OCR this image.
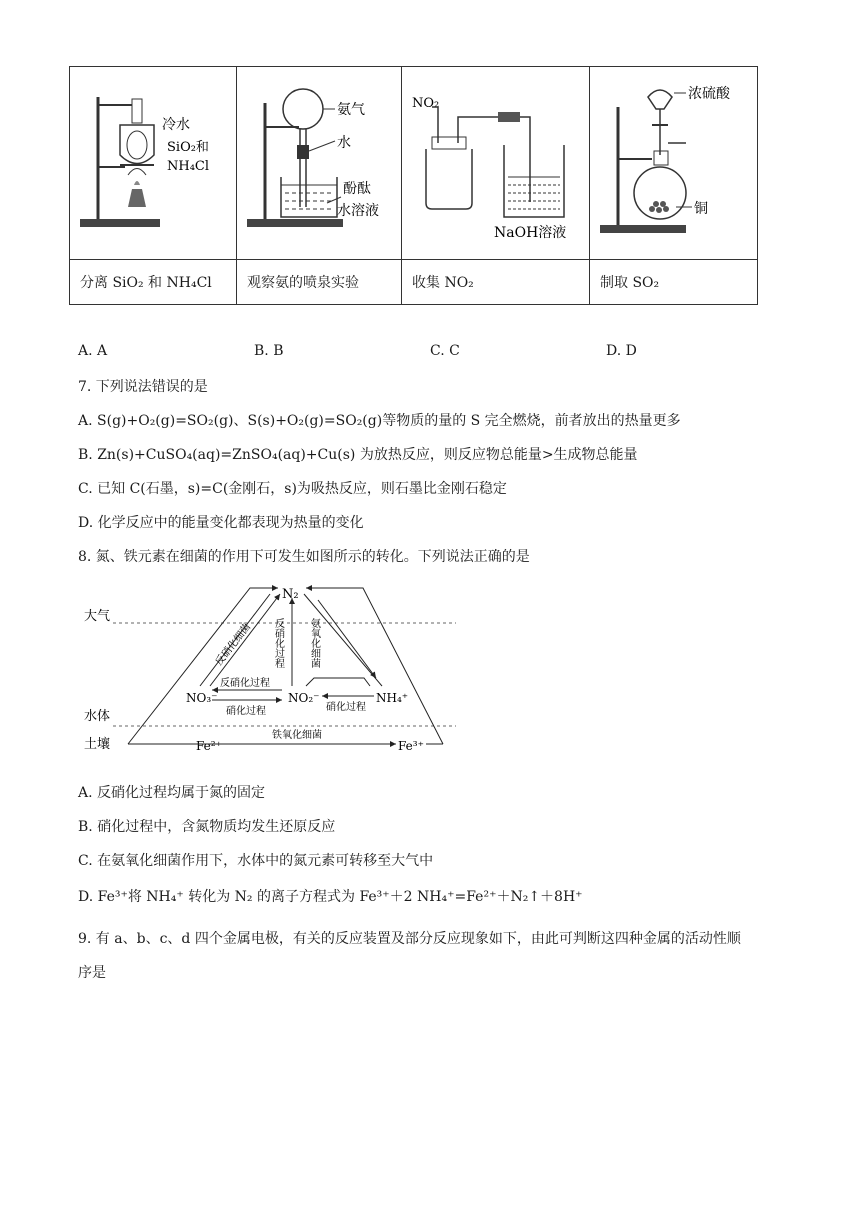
冷水
SiO₂和
NH₄Cl	氨气
水
酚酞
水溶液	NO₂
NaOH溶液	浓硫酸
铜

分离 SiO₂ 和 NH₄Cl	观察氨的喷泉实验	收集 NO₂	制取 SO₂
A. A	B. B	C. C	D. D
7. 下列说法错误的是
A. S(g)+O₂(g)=SO₂(g)、S(s)+O₂(g)=SO₂(g)等物质的量的 S 完全燃烧，前者放出的热量更多
B. Zn(s)+CuSO₄(aq)=ZnSO₄(aq)+Cu(s) 为放热反应，则反应物总能量>生成物总能量
C. 已知 C(石墨，s)=C(金刚石，s)为吸热反应，则石墨比金刚石稳定
D. 化学反应中的能量变化都表现为热量的变化
8. 氮、铁元素在细菌的作用下可发生如图所示的转化。下列说法正确的是
大气
水体
土壤
N₂
NO₃⁻	NO₂⁻	NH₄⁺
Fe²⁺	Fe³⁺
反硝化细菌 反硝化过程	氨氧化细菌
反硝化过程
硝化过程	硝化过程
铁氧化细菌
A. 反硝化过程均属于氮的固定
B. 硝化过程中，含氮物质均发生还原反应
C. 在氨氧化细菌作用下，水体中的氮元素可转移至大气中
D. Fe³⁺将 NH₄⁺ 转化为 N₂ 的离子方程式为 Fe³⁺＋2 NH₄⁺=Fe²⁺＋N₂↑＋8H⁺
9. 有 a、b、c、d 四个金属电极，有关的反应装置及部分反应现象如下，由此可判断这四种金属的活动性顺
序是
